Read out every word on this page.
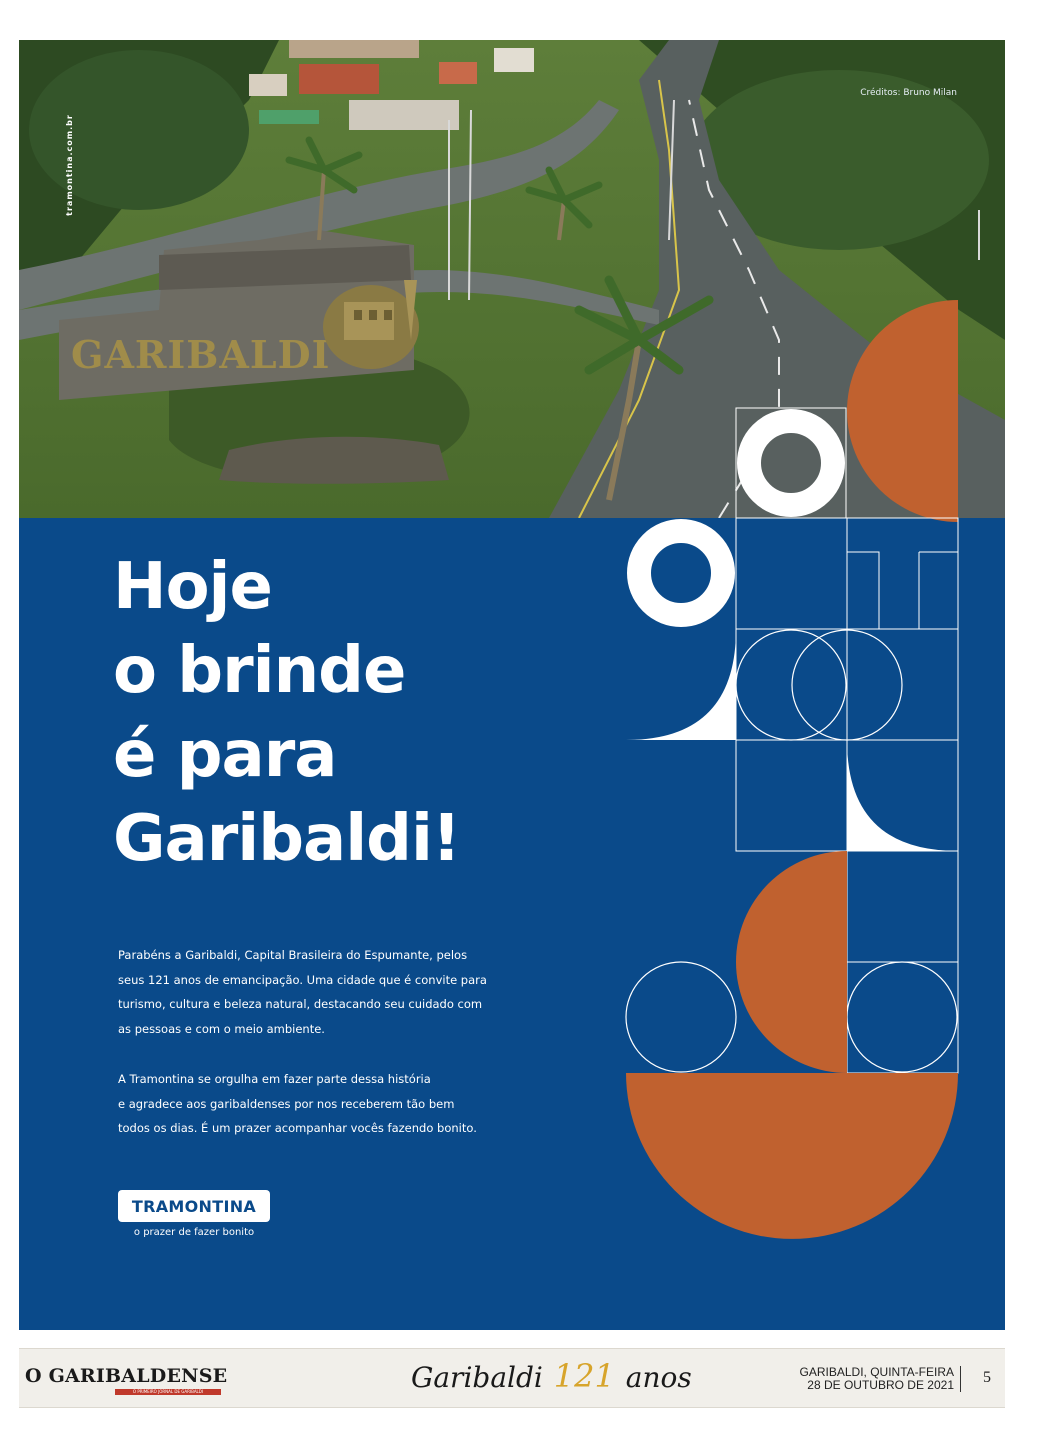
GARIBALDI
tramontina.com.br
Créditos: Bruno Milan
Hoje
o brinde
é para
Garibaldi!

Parabéns a Garibaldi, Capital Brasileira do Espumante, pelos
seus 121 anos de emancipação. Uma cidade que é convite para
turismo, cultura e beleza natural, destacando seu cuidado com
as pessoas e com o meio ambiente.

A Tramontina se orgulha em fazer parte dessa história
e agradece aos garibaldenses por nos receberem tão bem
todos os dias. É um prazer acompanhar vocês fazendo bonito.

TRAMONTINA
o prazer de fazer bonito
O GARIBALDENSE
O PRIMEIRO JORNAL DE GARIBALDI	Garibaldi 121 anos	GARIBALDI, QUINTA-FEIRA
28 DE OUTUBRO DE 2021 5
